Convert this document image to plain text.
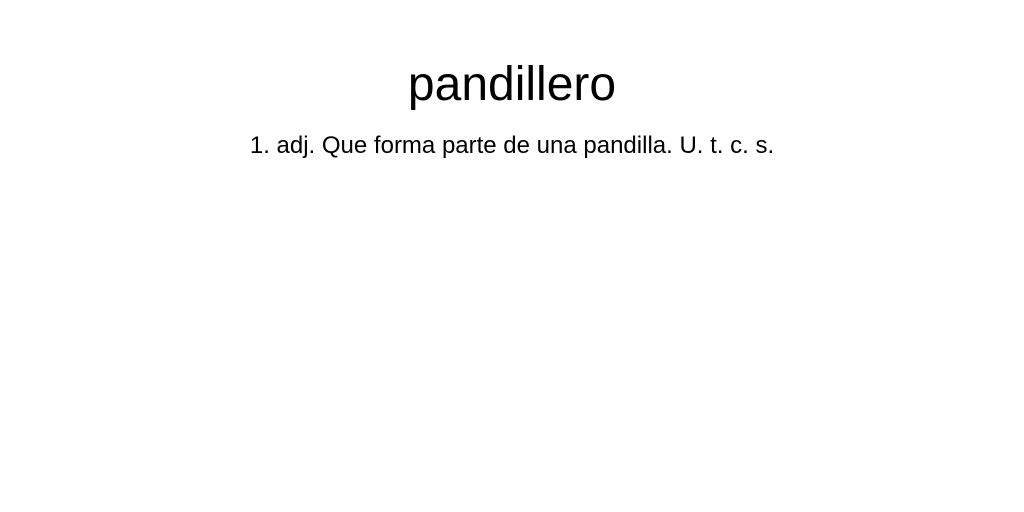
pandillero

1. adj. Que forma parte de una pandilla. U. t. c. s.
